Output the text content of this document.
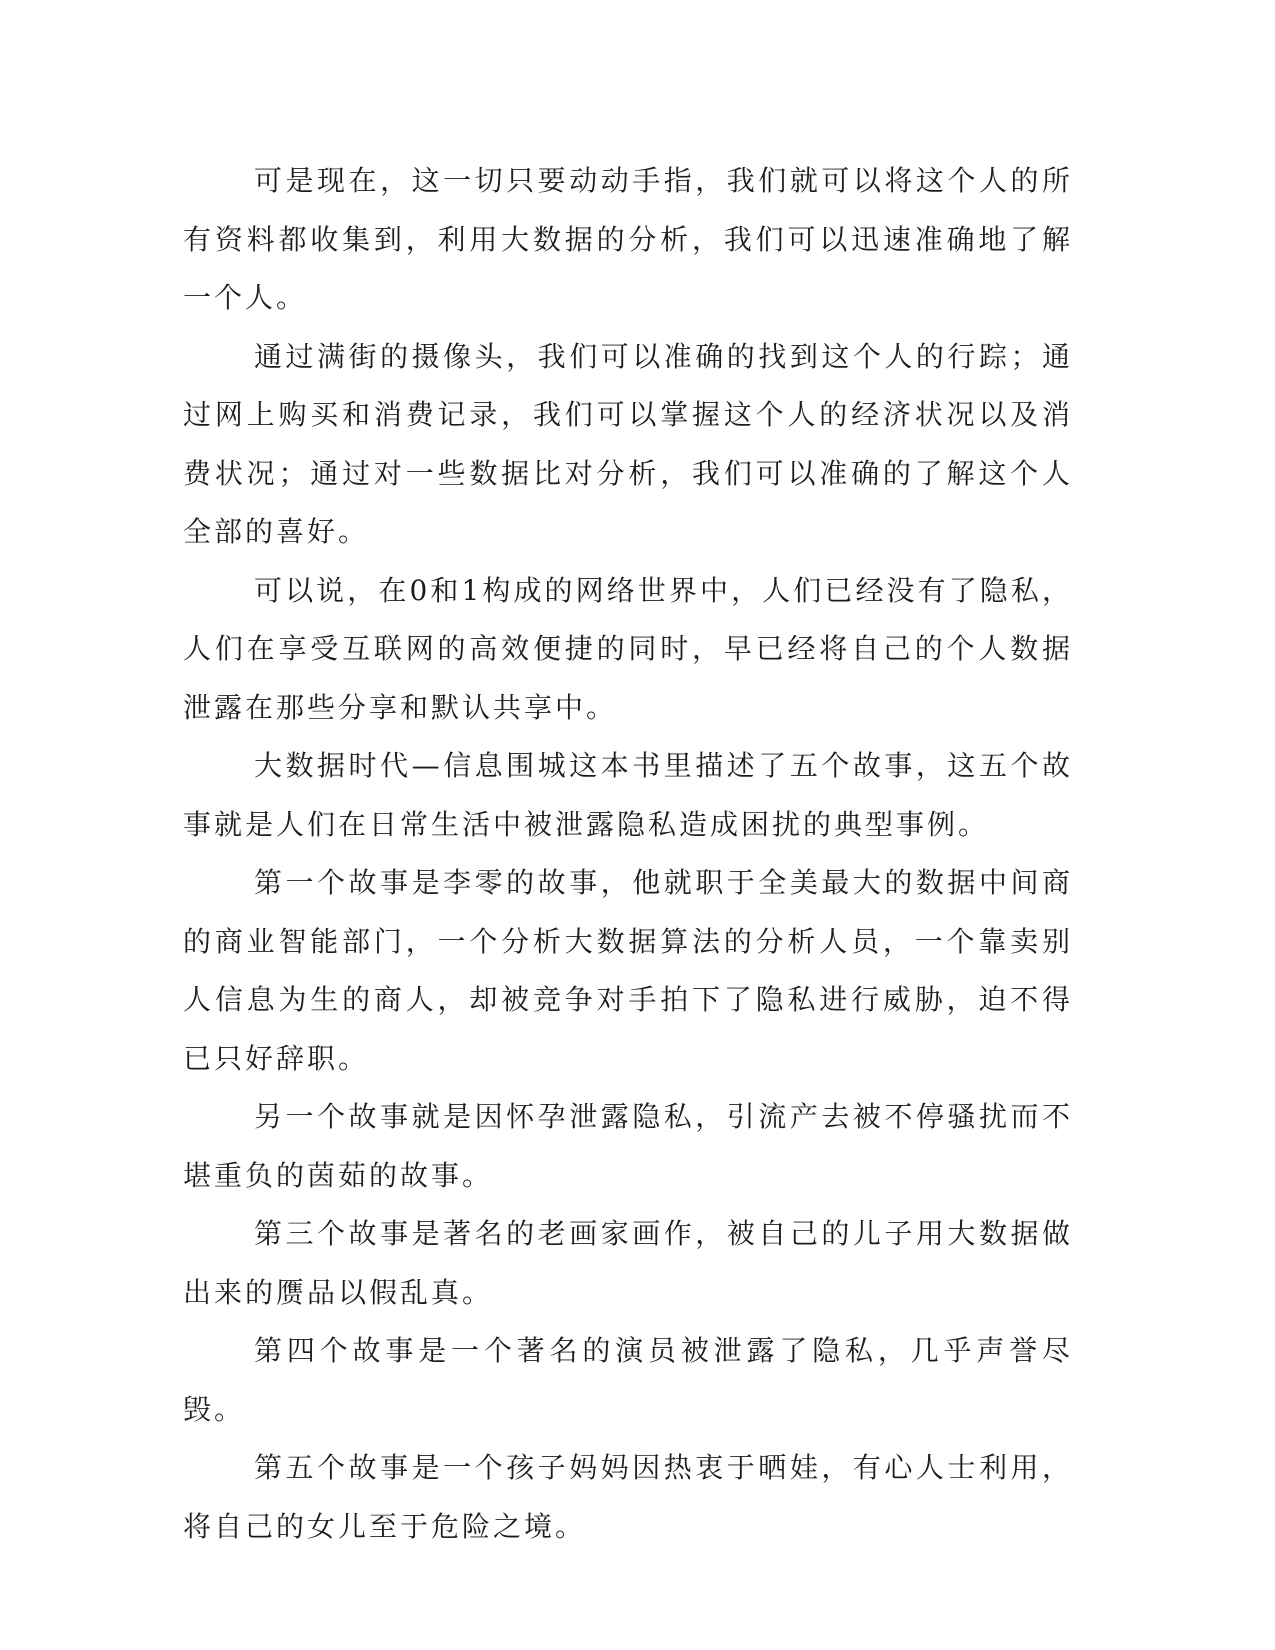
可是现在，这一切只要动动手指，我们就可以将这个人的所有资料都收集到，利用大数据的分析，我们可以迅速准确地了解一个人。

通过满街的摄像头，我们可以准确的找到这个人的行踪；通过网上购买和消费记录，我们可以掌握这个人的经济状况以及消费状况；通过对一些数据比对分析，我们可以准确的了解这个人全部的喜好。

可以说，在0和1构成的网络世界中，人们已经没有了隐私，人们在享受互联网的高效便捷的同时，早已经将自己的个人数据泄露在那些分享和默认共享中。

大数据时代—信息围城这本书里描述了五个故事，这五个故事就是人们在日常生活中被泄露隐私造成困扰的典型事例。

第一个故事是李零的故事，他就职于全美最大的数据中间商的商业智能部门，一个分析大数据算法的分析人员，一个靠卖别人信息为生的商人，却被竞争对手拍下了隐私进行威胁，迫不得已只好辞职。

另一个故事就是因怀孕泄露隐私，引流产去被不停骚扰而不堪重负的茵茹的故事。

第三个故事是著名的老画家画作，被自己的儿子用大数据做出来的赝品以假乱真。

第四个故事是一个著名的演员被泄露了隐私，几乎声誉尽毁。

第五个故事是一个孩子妈妈因热衷于晒娃，有心人士利用，将自己的女儿至于危险之境。
